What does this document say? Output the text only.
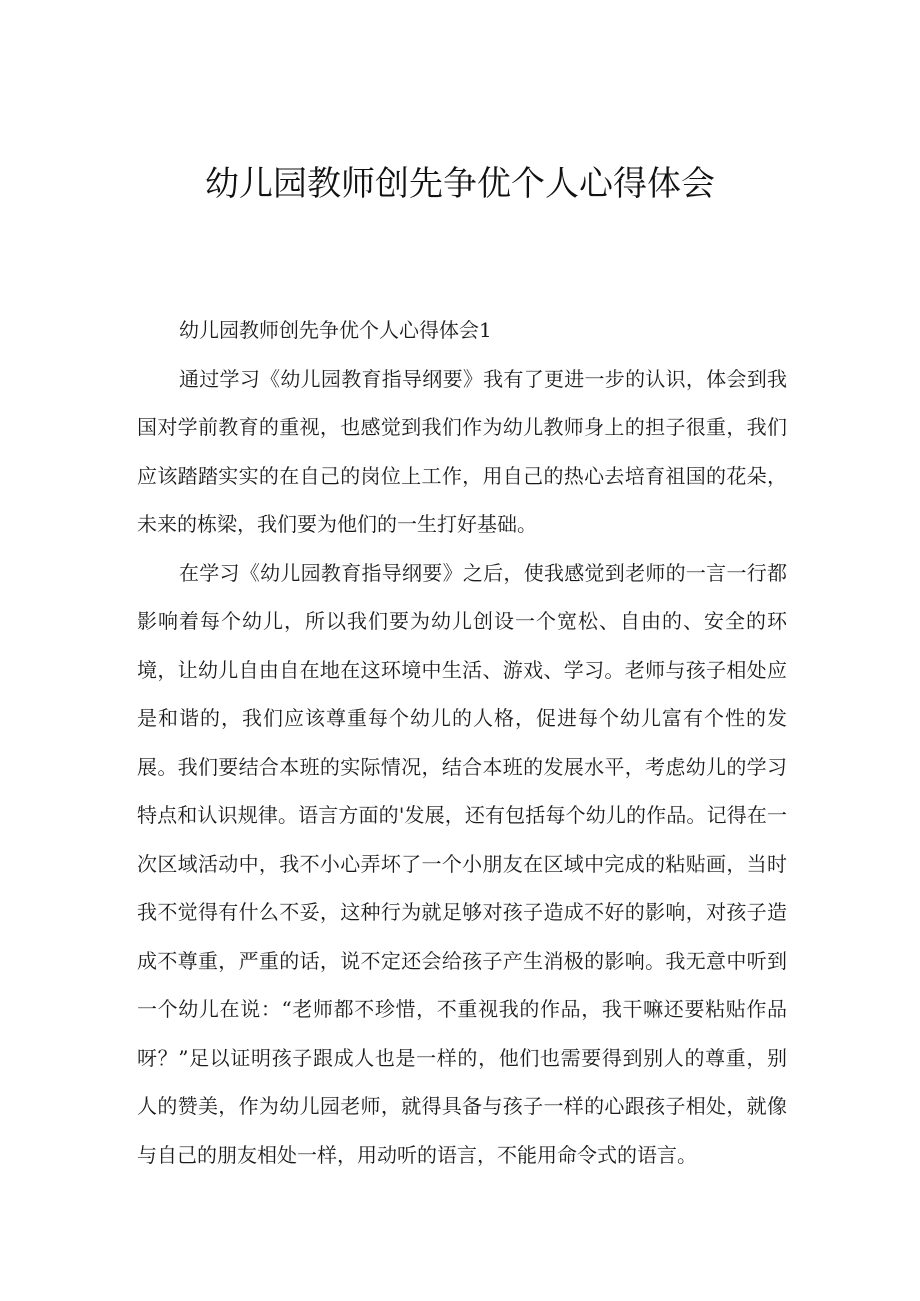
幼儿园教师创先争优个人心得体会

幼儿园教师创先争优个人心得体会1

通过学习《幼儿园教育指导纲要》我有了更进一步的认识，体会到我国对学前教育的重视，也感觉到我们作为幼儿教师身上的担子很重，我们应该踏踏实实的在自己的岗位上工作，用自己的热心去培育祖国的花朵，未来的栋梁，我们要为他们的一生打好基础。

在学习《幼儿园教育指导纲要》之后，使我感觉到老师的一言一行都影响着每个幼儿，所以我们要为幼儿创设一个宽松、自由的、安全的环境，让幼儿自由自在地在这环境中生活、游戏、学习。老师与孩子相处应是和谐的，我们应该尊重每个幼儿的人格，促进每个幼儿富有个性的发展。我们要结合本班的实际情况，结合本班的发展水平，考虑幼儿的学习特点和认识规律。语言方面的'发展，还有包括每个幼儿的作品。记得在一次区域活动中，我不小心弄坏了一个小朋友在区域中完成的粘贴画，当时我不觉得有什么不妥，这种行为就足够对孩子造成不好的影响，对孩子造成不尊重，严重的话，说不定还会给孩子产生消极的影响。我无意中听到一个幼儿在说：“老师都不珍惜，不重视我的作品，我干嘛还要粘贴作品呀？”足以证明孩子跟成人也是一样的，他们也需要得到别人的尊重，别人的赞美，作为幼儿园老师，就得具备与孩子一样的心跟孩子相处，就像与自己的朋友相处一样，用动听的语言，不能用命令式的语言。
